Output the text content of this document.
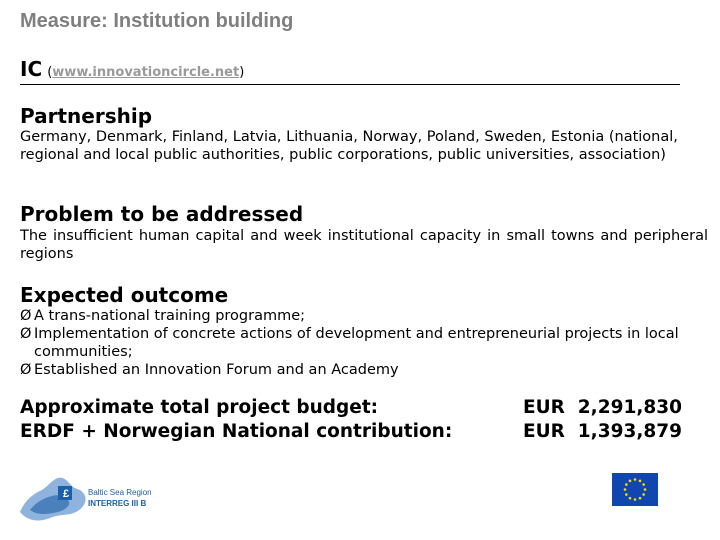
Measure: Institution building
IC (www.innovationcircle.net)
Partnership
Germany, Denmark, Finland, Latvia, Lithuania, Norway, Poland, Sweden, Estonia (national, regional and local public authorities, public corporations, public universities, association)
Problem to be addressed
The insufficient human capital and week institutional capacity in small towns and peripheral regions
Expected outcome
Ø A trans-national training programme;
Ø Implementation of concrete actions of development and entrepreneurial projects in local communities;
Ø Established an Innovation Forum and an Academy
Approximate total project budget:
ERDF + Norwegian National contribution:
EUR 2,291,830
EUR 1,393,879
£ Baltic Sea Region
INTERREG III B
